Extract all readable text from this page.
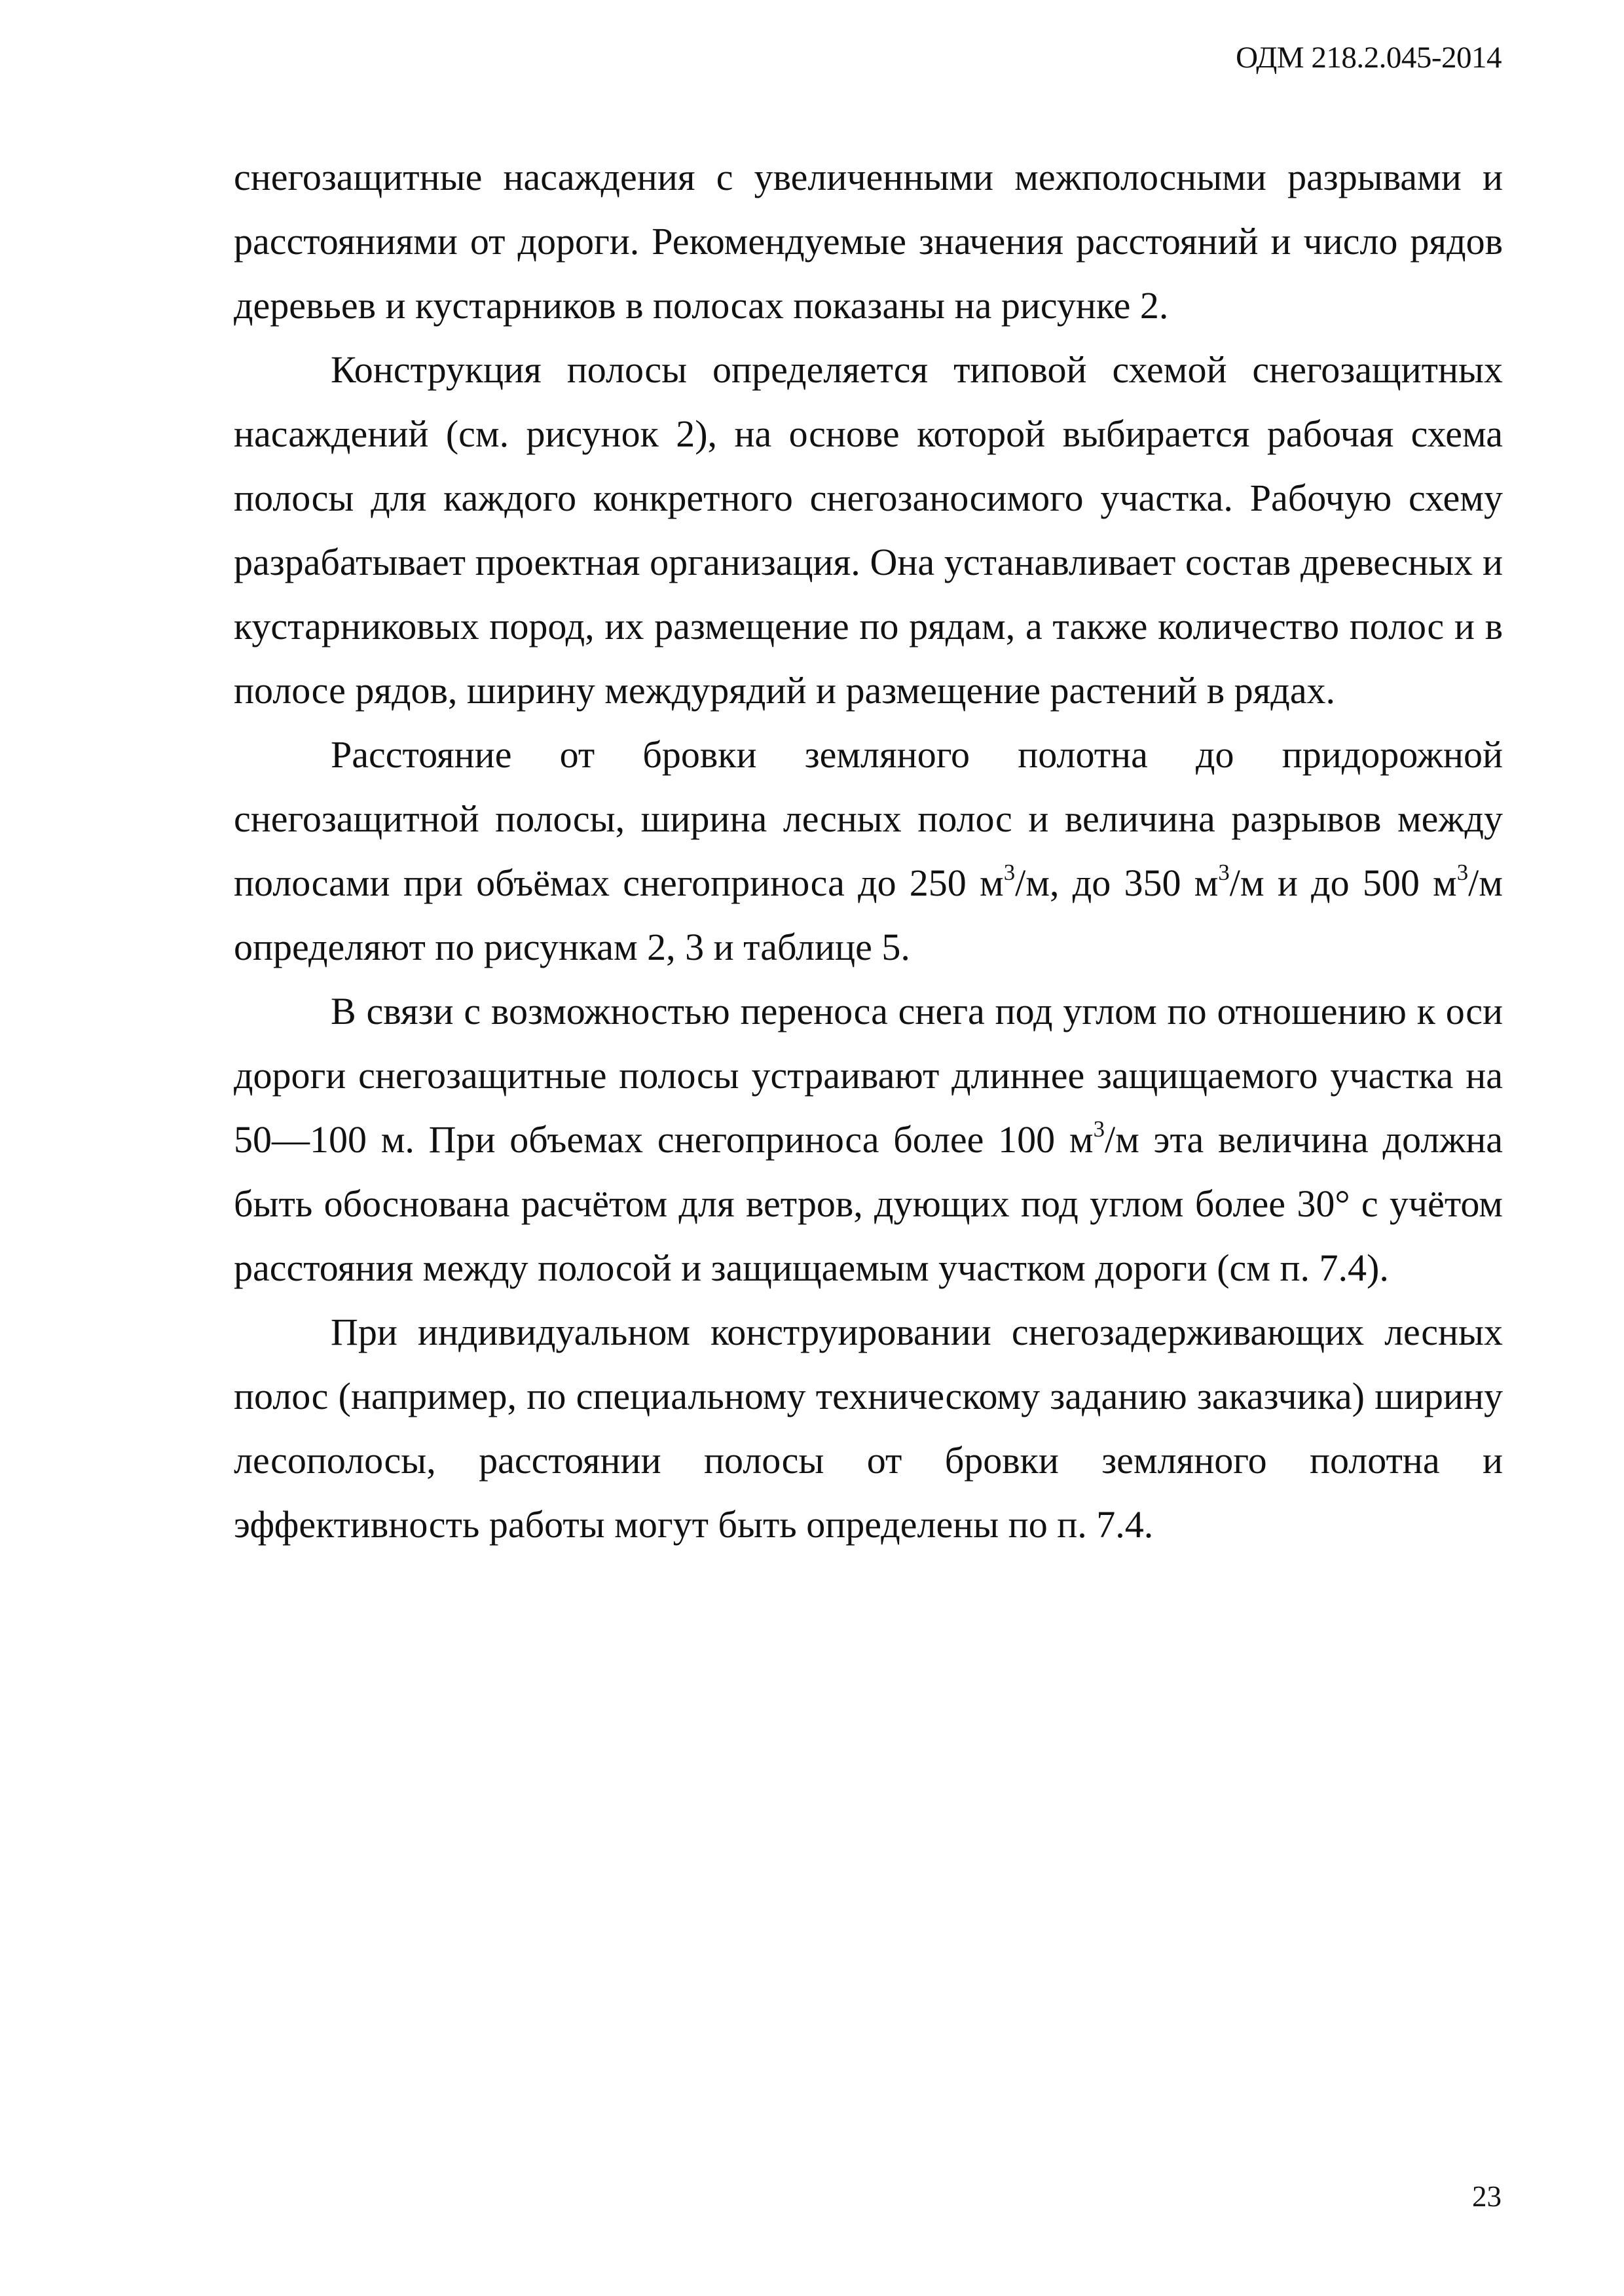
ОДМ 218.2.045-2014

снегозащитные насаждения с увеличенными межполосными разрывами и расстояниями от дороги. Рекомендуемые значения расстояний и число рядов деревьев и кустарников в полосах показаны на рисунке 2.

Конструкция полосы определяется типовой схемой снегозащитных насаждений (см. рисунок 2), на основе которой выбирается рабочая схема полосы для каждого конкретного снегозаносимого участка. Рабочую схему разрабатывает проектная организация. Она устанавливает состав древесных и кустарниковых пород, их размещение по рядам, а также количество полос и в полосе рядов, ширину междурядий и размещение растений в рядах.

Расстояние от бровки земляного полотна до придорожной снегозащитной полосы, ширина лесных полос и величина разрывов между полосами при объёмах снегоприноса до 250 $м^3/м$, до 350 $м^3/м$ и до 500 $м^3/м$ определяют по рисункам 2, 3 и таблице 5.

В связи с возможностью переноса снега под углом по отношению к оси дороги снегозащитные полосы устраивают длиннее защищаемого участка на 50—100 м. При объемах снегоприноса более 100 $м^3/м$ эта величина должна быть обоснована расчётом для ветров, дующих под углом более 30° с учётом расстояния между полосой и защищаемым участком дороги (см п. 7.4).

При индивидуальном конструировании снегозадерживающих лесных полос (например, по специальному техническому заданию заказчика) ширину лесополосы, расстоянии полосы от бровки земляного полотна и эффективность работы могут быть определены по п. 7.4.

23
